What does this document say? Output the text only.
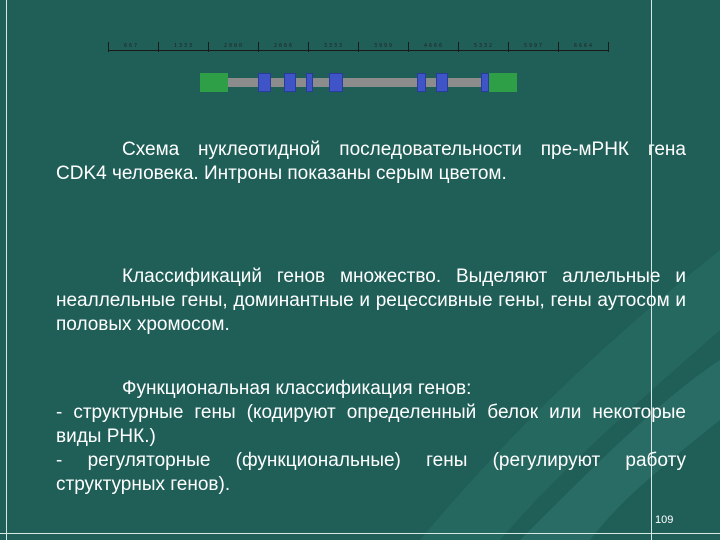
667	1333	2000	2666	3333	3999	4666	5332	5997	6664
Схема нуклеотидной последовательности пре-мРНК гена CDK4 человека. Интроны показаны серым цветом.
Классификаций генов множество. Выделяют аллельные и неаллельные гены, доминантные и рецессивные гены, гены аутосом и половых хромосом.
Функциональная классификация генов:
- структурные гены (кодируют определенный белок или некоторые виды РНК.)
- регуляторные (функциональные) гены (регулируют работу структурных генов).
109
